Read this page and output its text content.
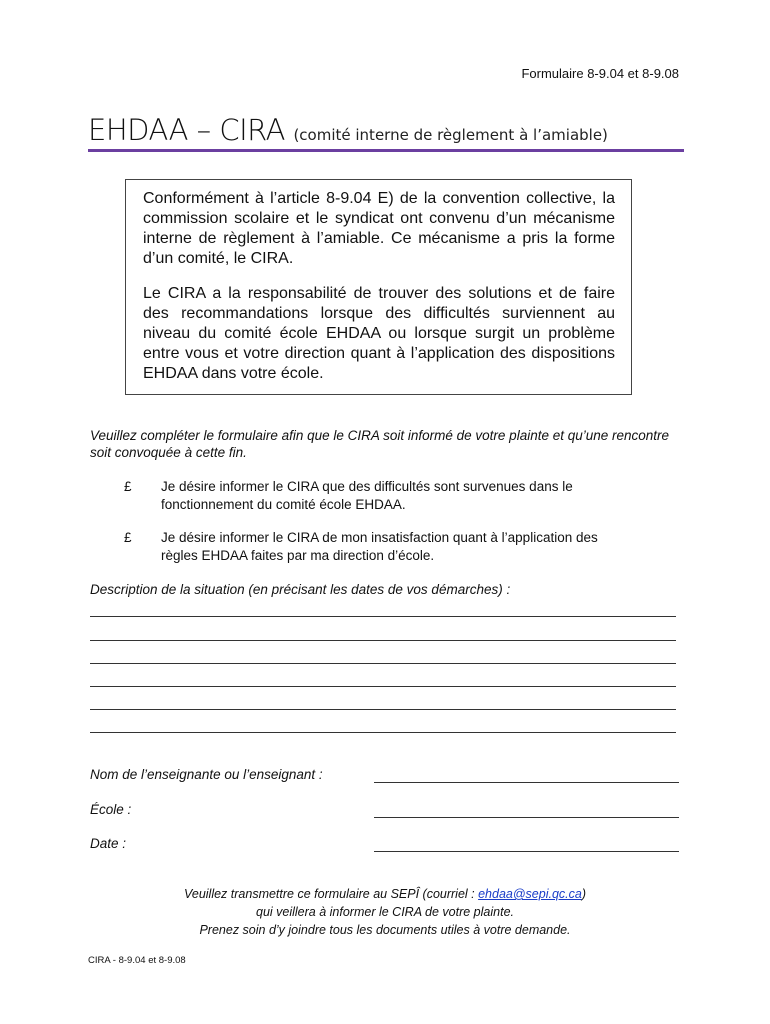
Formulaire 8-9.04 et 8-9.08
EHDAA – CIRA (comité interne de règlement à l’amiable)

Conformément à l’article 8-9.04 E) de la convention collective, la commission scolaire et le syndicat ont convenu d’un mécanisme interne de règlement à l’amiable. Ce mécanisme a pris la forme d’un comité, le CIRA.

Le CIRA a la responsabilité de trouver des solutions et de faire des recommandations lorsque des difficultés surviennent au niveau du comité école EHDAA ou lorsque surgit un problème entre vous et votre direction quant à l’application des dispositions EHDAA dans votre école.

Veuillez compléter le formulaire afin que le CIRA soit informé de votre plainte et qu’une rencontre soit convoquée à cette fin.
£	Je désire informer le CIRA que des difficultés sont survenues dans le fonctionnement du comité école EHDAA.
£	Je désire informer le CIRA de mon insatisfaction quant à l’application des règles EHDAA faites par ma direction d’école.
Description de la situation (en précisant les dates de vos démarches) :
Nom de l’enseignante ou l’enseignant :
École :
Date :
Veuillez transmettre ce formulaire au SEPÎ (courriel : ehdaa@sepi.qc.ca)
qui veillera à informer le CIRA de votre plainte.
Prenez soin d’y joindre tous les documents utiles à votre demande.
CIRA - 8-9.04 et 8-9.08
